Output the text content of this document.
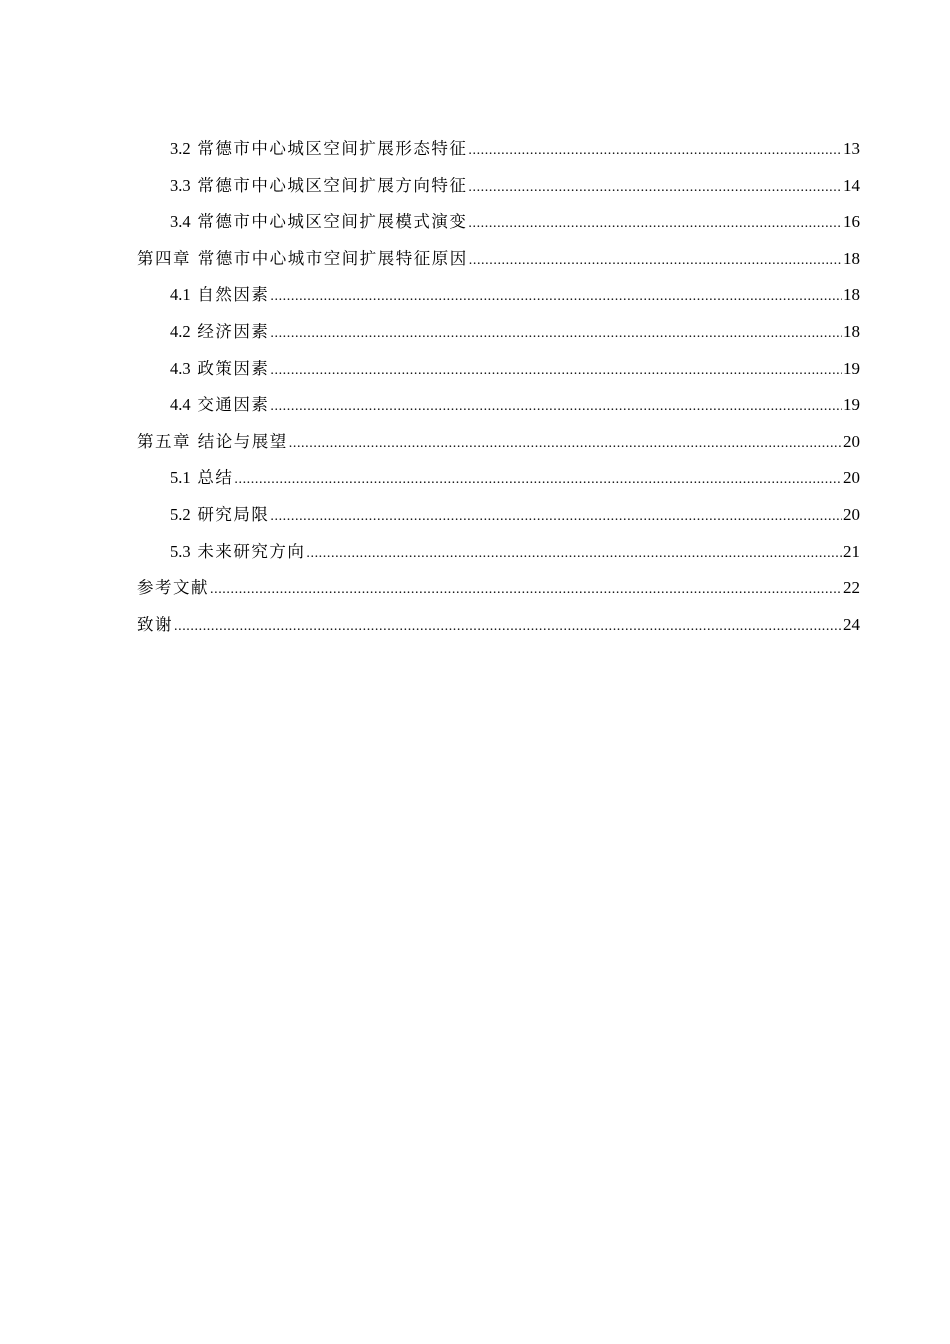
3.2 常德市中心城区空间扩展形态特征 .....	13
3.3 常德市中心城区空间扩展方向特征 .....	14
3.4 常德市中心城区空间扩展模式演变 .....	16
第四章 常德市中心城市空间扩展特征原因 .....	18
4.1 自然因素 .....	18
4.2 经济因素 .....	18
4.3 政策因素 .....	19
4.4 交通因素 .....	19
第五章 结论与展望 .....	20
5.1 总结 .....	20
5.2 研究局限 .....	20
5.3 未来研究方向 .....	21
参考文献 .....	22
致谢 .....	24
